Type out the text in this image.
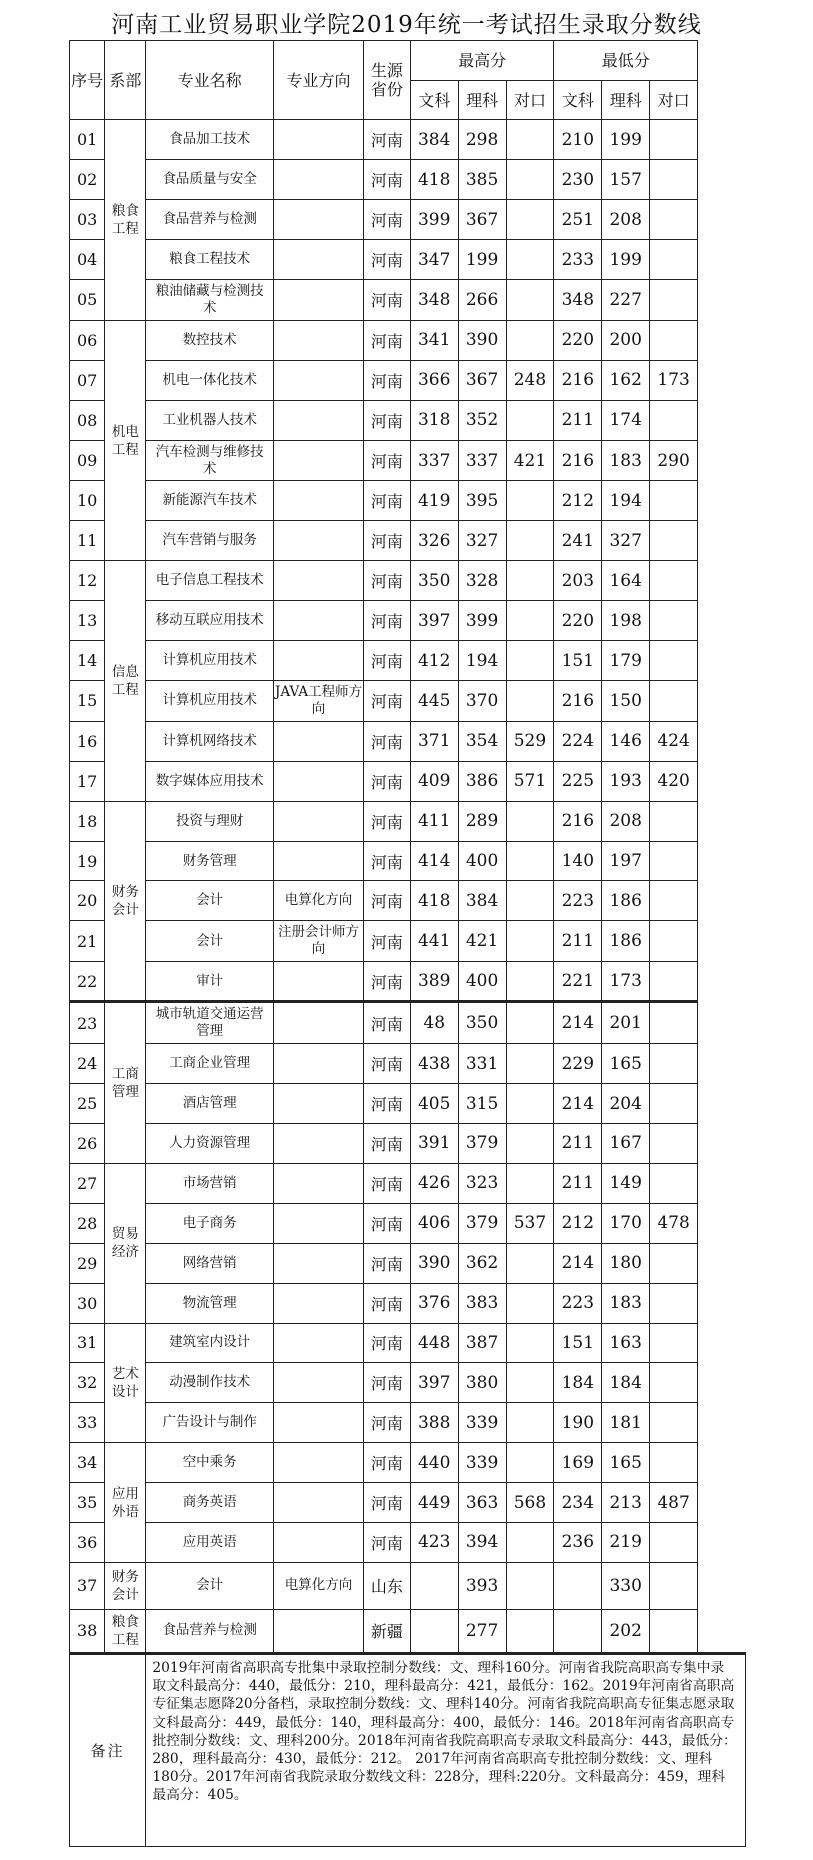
河南工业贸易职业学院2019年统一考试招生录取分数线
序号	系部	专业名称	专业方向	生源省份	最高分			最低分		
					文科	理科	对口	文科	理科	对口
01	粮食工程	食品加工技术		河南	384	298		210	199	
02		食品质量与安全		河南	418	385		230	157	
03		食品营养与检测		河南	399	367		251	208	
04		粮食工程技术		河南	347	199		233	199	
05		粮油储藏与检测技术		河南	348	266		348	227	
06	机电工程	数控技术		河南	341	390		220	200	
07		机电一体化技术		河南	366	367	248	216	162	173
08		工业机器人技术		河南	318	352		211	174	
09		汽车检测与维修技术		河南	337	337	421	216	183	290
10		新能源汽车技术		河南	419	395		212	194	
11		汽车营销与服务		河南	326	327		241	327	
12	信息工程	电子信息工程技术		河南	350	328		203	164	
13		移动互联应用技术		河南	397	399		220	198	
14		计算机应用技术		河南	412	194		151	179	
15		计算机应用技术	JAVA工程师方向	河南	445	370		216	150	
16		计算机网络技术		河南	371	354	529	224	146	424
17		数字媒体应用技术		河南	409	386	571	225	193	420
18	财务会计	投资与理财		河南	411	289		216	208	
19		财务管理		河南	414	400		140	197	
20		会计	电算化方向	河南	418	384		223	186	
21		会计	注册会计师方向	河南	441	421		211	186	
22		审计		河南	389	400		221	173	
23	工商管理	城市轨道交通运营管理		河南	48	350		214	201	
24		工商企业管理		河南	438	331		229	165	
25		酒店管理		河南	405	315		214	204	
26		人力资源管理		河南	391	379		211	167	
27	贸易经济	市场营销		河南	426	323		211	149	
28		电子商务		河南	406	379	537	212	170	478
29		网络营销		河南	390	362		214	180	
30		物流管理		河南	376	383		223	183	
31	艺术设计	建筑室内设计		河南	448	387		151	163	
32		动漫制作技术		河南	397	380		184	184	
33		广告设计与制作		河南	388	339		190	181	
34	应用外语	空中乘务		河南	440	339		169	165	
35		商务英语		河南	449	363	568	234	213	487
36		应用英语		河南	423	394		236	219	
37	财务会计	会计	电算化方向	山东		393			330	
38	粮食工程	食品营养与检测		新疆		277			202	
备注		2019年河南省高职高专批集中录取控制分数线：文、理科160分。河南省我院高职高专集中录取文科最高分：440，最低分：210，理科最高分：421，最低分：162。2019年河南省高职高专征集志愿降20分备档，录取控制分数线：文、理科140分。河南省我院高职高专征集志愿录取文科最高分：449，最低分：140，理科最高分：400，最低分：146。2018年河南省高职高专批控制分数线：文、理科200分。2018年河南省我院高职高专录取文科最高分：443，最低分：280，理科最高分：430，最低分：212。 2017年河南省高职高专批控制分数线：文、理科180分。2017年河南省我院录取分数线文科：228分，理科:220分。文科最高分：459，理科最高分：405。								
